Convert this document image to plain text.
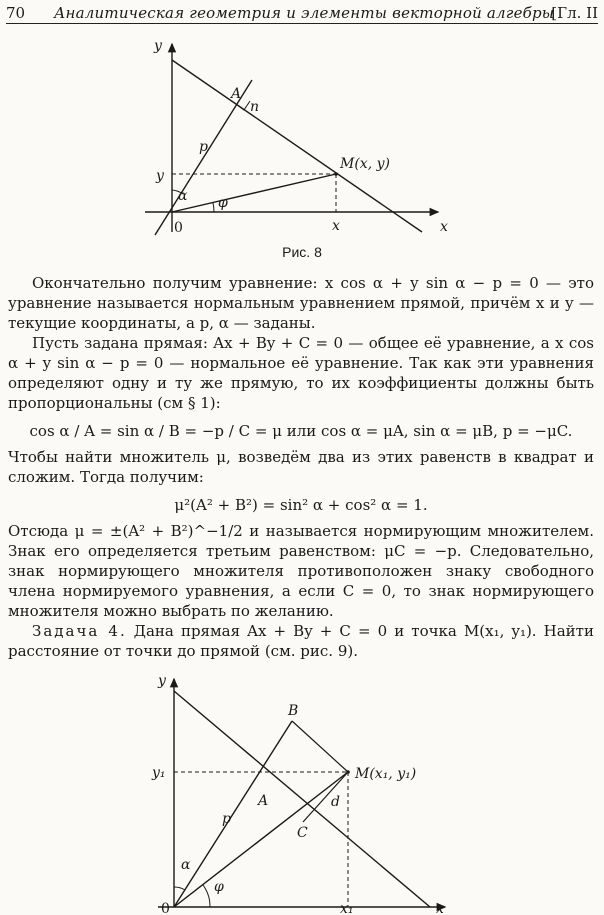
70 Аналитическая геометрия и элементы векторной алгебры
[Гл. II
y
x
0
A
n
p
α φ
M(x, y)
y
x
Рис. 8

Окончательно получим уравнение: x cos α + y sin α − p = 0 — это уравнение называется нормальным уравнением прямой, причём x и y — текущие координаты, а p, α — заданы.

Пусть задана прямая: Ax + By + C = 0 — общее её уравнение, а x cos α + y sin α − p = 0 — нормальное её уравнение. Так как эти уравнения определяют одну и ту же прямую, то их коэффициенты должны быть пропорциональны (см § 1):

cos α / A = sin α / B = −p / C = μ или cos α = μA, sin α = μB, p = −μC.

Чтобы найти множитель μ, возведём два из этих равенств в квадрат и сложим. Тогда получим:

μ²(A² + B²) = sin² α + cos² α = 1.

Отсюда μ = ±(A² + B²)^−1/2 и называется нормирующим множителем. Знак его определяется третьим равенством: μC = −p. Следовательно, знак нормирующего множителя противоположен знаку свободного члена нормируемого уравнения, а если C = 0, то знак нормирующего множителя можно выбрать по желанию.

Задача 4. Дана прямая Ax + By + C = 0 и точка M(x₁, y₁). Найти расстояние от точки до прямой (см. рис. 9).

y
x
0
B
A
C
d
p
α
φ
M(x₁, y₁)
y₁
x₁
